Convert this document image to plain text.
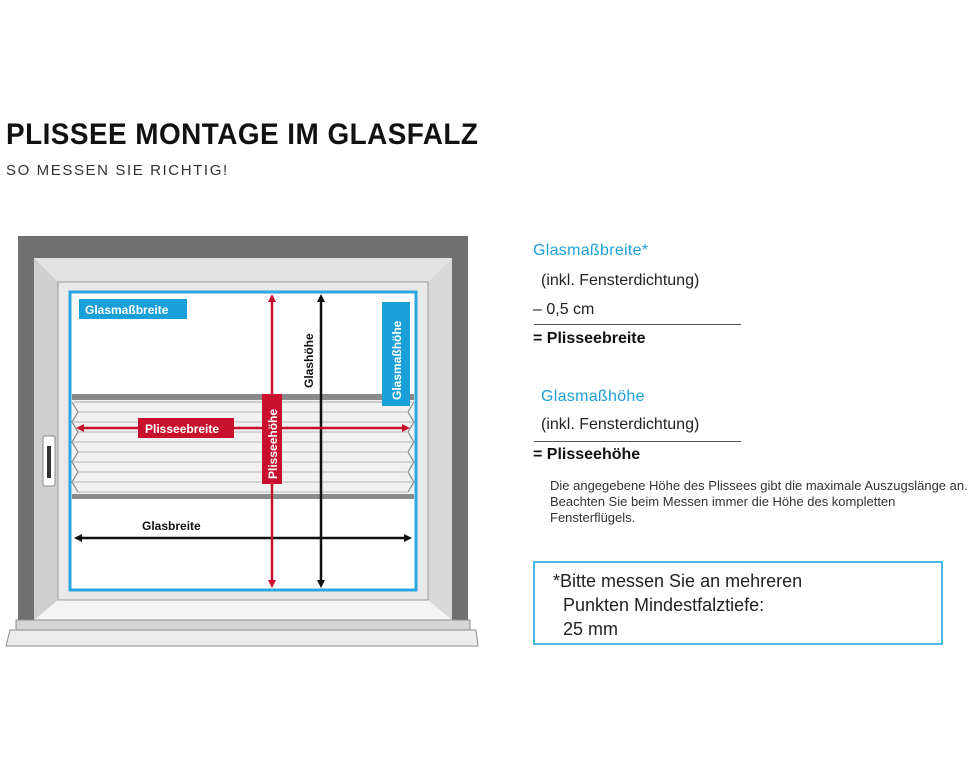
PLISSEE MONTAGE IM GLASFALZ
SO MESSEN SIE RICHTIG!
Glasbreite
Glashöhe
Plisseebreite	Plisseehöhe
Glasmaßbreite
Glasmaßhöhe
Glasmaßbreite*
(inkl. Fensterdichtung)
– 0,5 cm
= Plisseebreite
Glasmaßhöhe
(inkl. Fensterdichtung)
= Plisseehöhe
Die angegebene Höhe des Plissees gibt die maximale Auszugslänge an. Beachten Sie beim Messen immer die Höhe des kompletten Fensterflügels.
*Bitte messen Sie an mehreren
Punkten Mindestfalztiefe:
25 mm
